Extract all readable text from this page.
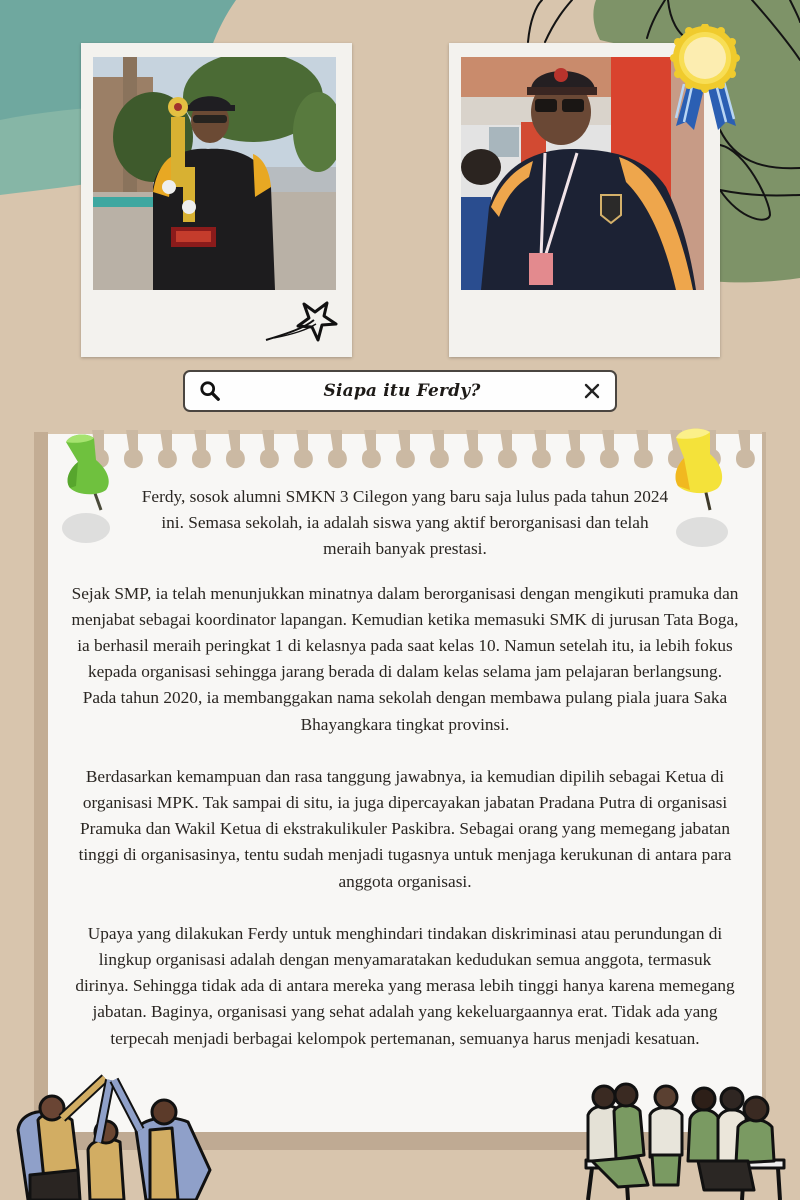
Siapa itu Ferdy?

Ferdy, sosok alumni SMKN 3 Cilegon yang baru saja lulus pada tahun 2024 ini. Semasa sekolah, ia adalah siswa yang aktif berorganisasi dan telah meraih banyak prestasi.

Sejak SMP, ia telah menunjukkan minatnya dalam berorganisasi dengan mengikuti pramuka dan menjabat sebagai koordinator lapangan. Kemudian ketika memasuki SMK di jurusan Tata Boga, ia berhasil meraih peringkat 1 di kelasnya pada saat kelas 10. Namun setelah itu, ia lebih fokus kepada organisasi sehingga jarang berada di dalam kelas selama jam pelajaran berlangsung. Pada tahun 2020, ia membanggakan nama sekolah dengan membawa pulang piala juara Saka Bhayangkara tingkat provinsi.

Berdasarkan kemampuan dan rasa tanggung jawabnya, ia kemudian dipilih sebagai Ketua di organisasi MPK. Tak sampai di situ, ia juga dipercayakan jabatan Pradana Putra di organisasi Pramuka dan Wakil Ketua di ekstrakulikuler Paskibra. Sebagai orang yang memegang jabatan tinggi di organisasinya, tentu sudah menjadi tugasnya untuk menjaga kerukunan di antara para anggota organisasi.

Upaya yang dilakukan Ferdy untuk menghindari tindakan diskriminasi atau perundungan di lingkup organisasi adalah dengan menyamaratakan kedudukan semua anggota, termasuk dirinya. Sehingga tidak ada di antara mereka yang merasa lebih tinggi hanya karena memegang jabatan. Baginya, organisasi yang sehat adalah yang kekeluargaannya erat. Tidak ada yang terpecah menjadi berbagai kelompok pertemanan, semuanya harus menjadi kesatuan.
